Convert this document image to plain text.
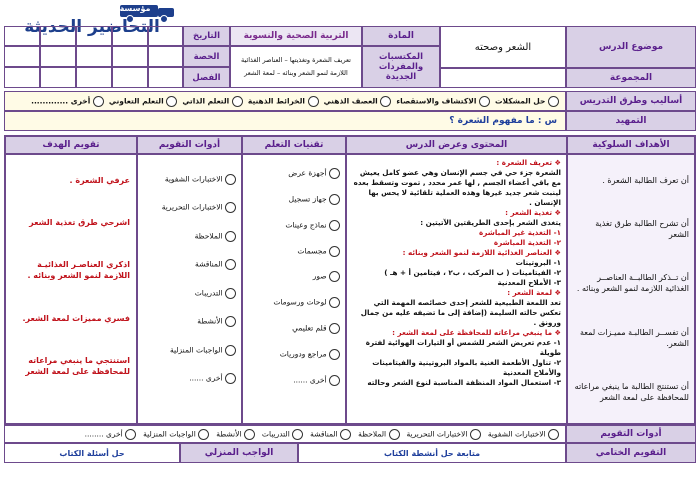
مؤسسة
التحاضير الحديثة
موضوع الدرس
المجموعة
الشعر وصحته
المادة
المكتسبات والمفردات الجديدة
التربية الصحية والنسوية
تعريف الشعرة وتغذيتها – العناصر الغذائية اللازمة لنمو الشعر وبنائه – لمعة الشعر
التاريخ
الحصة
الفصل
أساليب وطرق التدريس
حل المشكلات
الاكتشاف والاستقصاء
العصف الذهني
الخرائط الذهنية
التعلم الذاتي
التعلم التعاوني
أخرى .............
التمهيد
س : ما مفهوم الشعرة ؟
الأهداف السلوكية
المحتوى وعرض الدرس
تقنيات التعلم
أدوات التقويم
تقويم الهدف
أن تعرف الطالبة الشعرة .
أن تشرح الطالبة طرق تغذية الشعر
أن تــذكر الطالبــة العناصــر الغذائية اللازمة لنمو الشعر وبنائه .
أن تفســر الطالبـة مميـزات لمعة الشعر.
أن تستنتج الطالبة ما ينبغي مراعاته للمحافظة على لمعة الشعر
❖ تعريف الشعرة :
الشعرة جزء حي في جسم الإنسان وهي عضو كامل يعيش مع باقي أعضاء الجسم , لها عمر محدد , تموت وتسقط بعده لينبت شعر جديد غيرها وهذه العملية تلقائية لا يحس بها الإنسان .
❖ تغذية الشعر :
يتغذى الشعر بإحدى الطريقتين الآتيتين :
١- التغذية غير المباشرة
٢- التغذية المباشرة
❖ العناصر الغذائية اللازمة لنمو الشعر وبنائه :
١- البروتينات
٢- الفيتامينات ( ب المركب ، ب٢ ، فيتامين أ + هـ )
٣- الأملاح المعدنية
❖ لمعة الشعر :
تعد اللمعة الطبيعية للشعر إحدى خصائصه المهمة التي تعكس حالته السليمة (إضافة إلى ما تضيفه عليه من جمال ورونق .
❖ ما ينبغي مراعاته للمحافظة على لمعة الشعر :
١- عدم تعريض الشعر للشمس أو التيارات الهوائية لفترة طويلة
٢- تناول الأطعمة الغنية بالمواد البروتينية والفيتامينات والأملاح المعدنية
٣- استعمال المواد المنظفة المناسبة لنوع الشعر وحالته
أجهزة عرض
جهاز تسجيل
نماذج وعينات
مجسمات
صور
لوحات ورسومات
قلم تعليمي
مراجع ودوريات
أخرى ......
الاختبارات الشفوية
الاختبارات التحريرية
الملاحظة
المناقشة
التدريبات
الأنشطة
الواجبات المنزلية
أخرى ......
عرفي الشعرة .
اشرحي طرق تغذية الشعر
اذكري العناصـر الغذائيـة اللازمة لنمو الشعر وبنائه .
فسري مميزات لمعة الشعر.
استنتجي ما ينبغي مراعاته للمحافظة على لمعة الشعر
أدوات التقويم
الاختبارات الشفوية
الاختبارات التحريرية
الملاحظة
المناقشة
التدريبات
الأنشطة
الواجبات المنزلية
أخرى ........
التقويم الختامي
متابعة حل أنشطة الكتاب
الواجب المنزلي
حل أسئلة الكتاب
